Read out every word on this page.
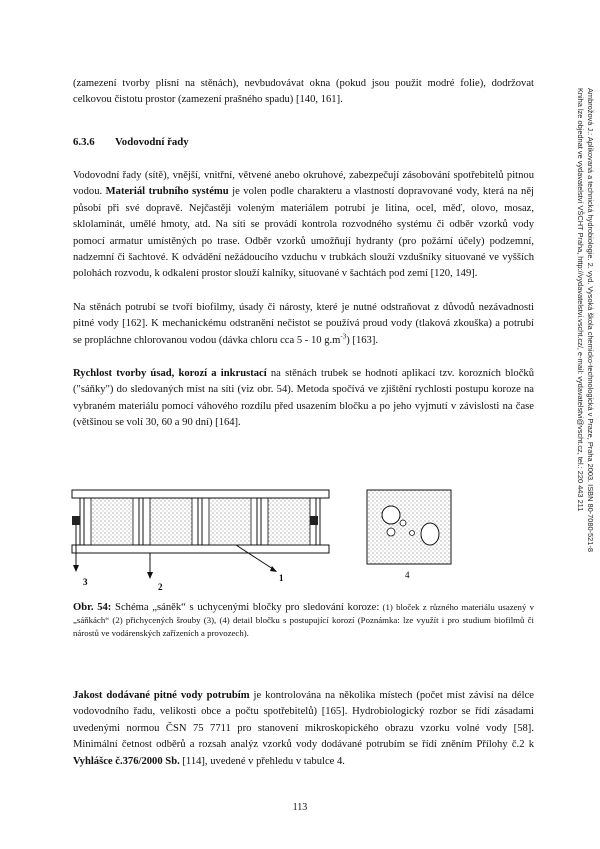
(zamezení tvorby plísní na stěnách), nevbudovávat okna (pokud jsou použit modré folie), dodržovat celkovou čistotu prostor (zamezení prašného spadu) [140, 161].

6.3.6 Vodovodní řady

Vodovodní řady (sítě), vnější, vnitřní, větvené anebo okruhové, zabezpečují zásobování spotřebitelů pitnou vodou. Materiál trubního systému je volen podle charakteru a vlastností dopravované vody, která na něj působí při své dopravě. Nejčastěji voleným materiálem potrubí je litina, ocel, měď, olovo, mosaz, sklolaminát, umělé hmoty, atd. Na síti se provádí kontrola rozvodného systému či odběr vzorků vody pomocí armatur umístěných po trase. Odběr vzorků umožňují hydranty (pro požární účely) podzemní, nadzemní či šachtové. K odvádění nežádoucího vzduchu v trubkách slouží vzdušníky situované ve vyšších polohách rozvodu, k odkalení prostor slouží kalníky, situované v šachtách pod zemí [120, 149].

Na stěnách potrubí se tvoří biofilmy, úsady či nárosty, které je nutné odstraňovat z důvodů nezávadnosti pitné vody [162]. K mechanickému odstranění nečistot se používá proud vody (tlaková zkouška) a potrubí se propláchne chlorovanou vodou (dávka chloru cca 5 - 10 $g.m^{-3}$) [163].

Rychlost tvorby úsad, korozí a inkrustací na stěnách trubek se hodnotí aplikací tzv. korozních bločků ("sáňky") do sledovaných míst na síti (viz obr. 54). Metoda spočívá ve zjištění rychlosti postupu koroze na vybraném materiálu pomocí váhového rozdílu před usazením bločku a po jeho vyjmutí v závislosti na čase (většinou se volí 30, 60 a 90 dní) [164].

3	2
1	4

Obr. 54: Schéma „sáněk“ s uchycenými bločky pro sledování koroze: (1) bloček z různého materiálu usazený v „sáňkách“ (2) přichycených šrouby (3), (4) detail bločku s postupující korozí (Poznámka: lze využít i pro studium biofilmů či nárostů ve vodárenských zařízeních a provozech).

Jakost dodávané pitné vody potrubím je kontrolována na několika místech (počet míst závisí na délce vodovodního řadu, velikosti obce a počtu spotřebitelů) [165]. Hydrobiologický rozbor se řídí zásadami uvedenými normou ČSN 75 7711 pro stanovení mikroskopického obrazu vzorku volné vody [58]. Minimální četnost odběrů a rozsah analýz vzorků vody dodávané potrubím se řídí zněním Přílohy č.2 k Vyhlášce č.376/2000 Sb. [114], uvedené v přehledu v tabulce 4.

113
Ambrožová J.: Aplikovaná a technická hydrobiologie. 2. vyd. Vysoká škola chemicko-technologická v Praze, Praha 2003. ISBN 80-7080-521-8
Kniha lze objednat ve vydavatelství VŠCHT Praha, http://vydavatelstvi.vscht.cz/, e-mail: vydavatelstvi@vscht.cz, tel.: 220 443 211
